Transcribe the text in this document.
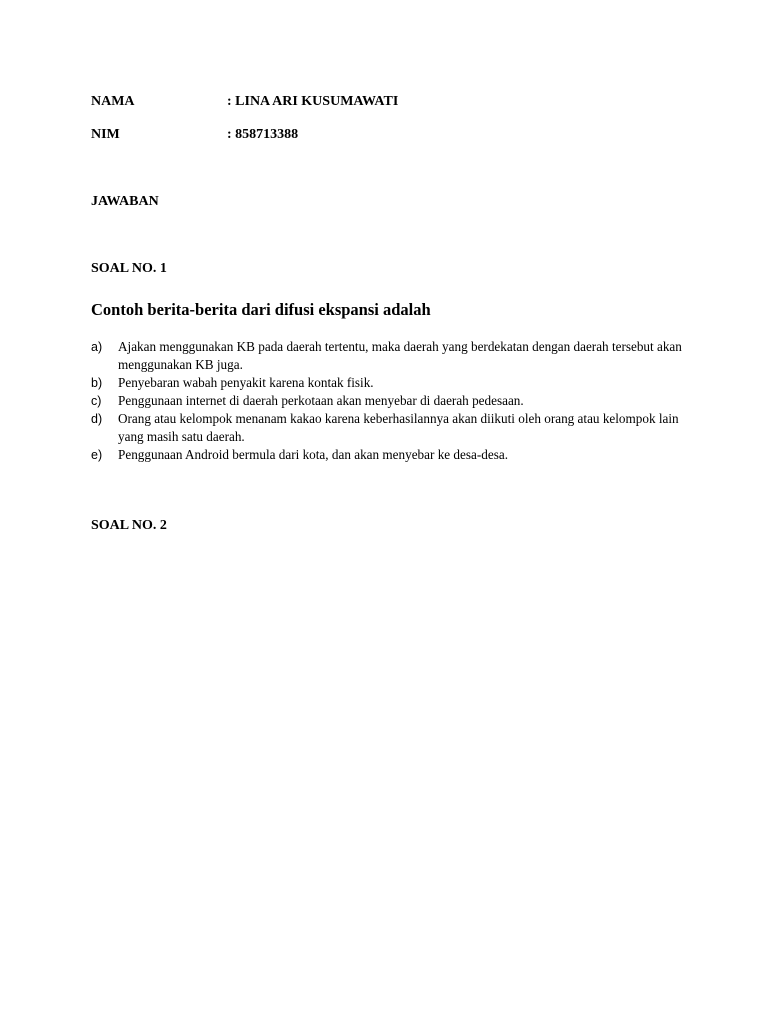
NAMA	: LINA ARI KUSUMAWATI
NIM	: 858713388
JAWABAN
SOAL NO. 1
Contoh berita-berita dari difusi ekspansi adalah
a)	Ajakan menggunakan KB pada daerah tertentu, maka daerah yang berdekatan dengan daerah tersebut akan menggunakan KB juga.
b)	Penyebaran wabah penyakit karena kontak fisik.
c)	Penggunaan internet di daerah perkotaan akan menyebar di daerah pedesaan.
d)	Orang atau kelompok menanam kakao karena keberhasilannya akan diikuti oleh orang atau kelompok lain yang masih satu daerah.
e)	Penggunaan Android bermula dari kota, dan akan menyebar ke desa-desa.
SOAL NO. 2
